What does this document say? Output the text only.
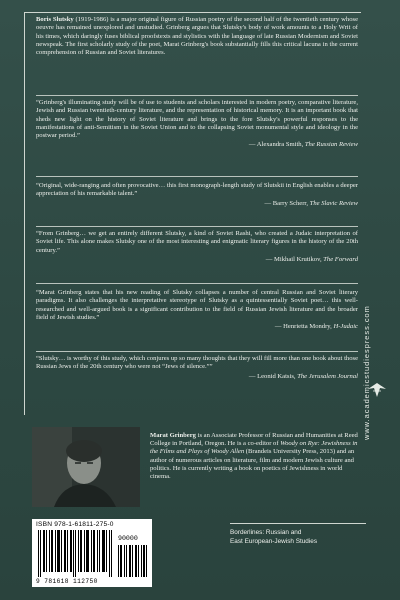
Boris Slutsky (1919-1986) is a major original figure of Russian poetry of the second half of the twentieth century whose oeuvre has remained unexplored and unstudied. Grinberg argues that Slutsky's body of work amounts to a Holy Writ of his times, which daringly fuses biblical proofstexts and stylistics with the language of late Russian Modernism and Soviet newspeak. The first scholarly study of the poet, Marat Grinberg's book substantially fills this critical lacuna in the current comprehension of Russian and Soviet literatures.

“Grinberg's illuminating study will be of use to students and scholars interested in modern poetry, comparative literature, Jewish and Russian twentieth-century literature, and the representation of historical memory. It is an important book that sheds new light on the history of Soviet literature and brings to the fore Slutsky's powerful responses to the manifestations of anti-Semitism in the Soviet Union and to the collapsing Soviet monumental style and ideology in the postwar period.”

— Alexandra Smith, The Russian Review

“Original, wide-ranging and often provocative… this first monograph-length study of Slutskii in English enables a deeper appreciation of his remarkable talent.”

— Barry Scherr, The Slavic Review

“From Grinberg… we get an entirely different Slutsky, a kind of Soviet Rashi, who created a Judaic interpretation of Soviet life. This alone makes Slutsky one of the most interesting and enigmatic literary figures in the history of the 20th century.”

— Mikhail Krutikov, The Forward

“Marat Grinberg states that his new reading of Slutsky collapses a number of central Russian and Soviet literary paradigms. It also challenges the interpretative stereotype of Slutsky as a quintessentially Soviet poet… this well-researched and well-argued book is a significant contribution to the field of Russian Jewish literature and the broader field of Jewish studies.”

— Henrietta Mondry, H-Judaic

“Slutsky… is worthy of this study, which conjures up so many thoughts that they will fill more than one book about those Russian Jews of the 20th century who were not “Jews of silence.””

— Leonid Katsis, The Jerusalem Journal www.academicstudiespress.com

Marat Grinberg is an Associate Professor of Russian and Humanities at Reed College in Portland, Oregon. He is a co-editor of Woody on Rye: Jewishness in the Films and Plays of Woody Allen (Brandeis University Press, 2013) and an author of numerous articles on literature, film and modern Jewish culture and politics. He is currently writing a book on poetics of Jewishness in world cinema.

ISBN 978-1-61811-275-0
90000
9 781618 112750

Borderlines: Russian and
East European-Jewish Studies
